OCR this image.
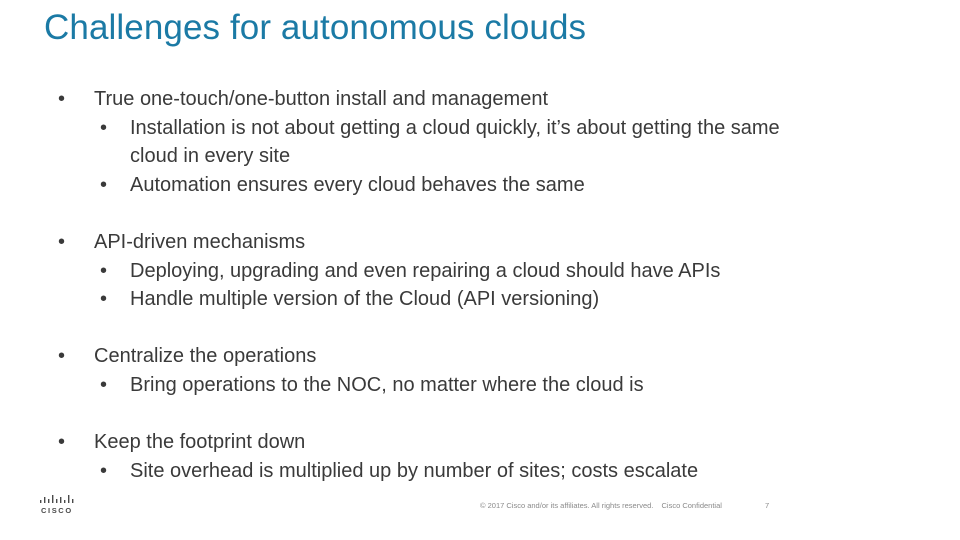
Challenges for autonomous clouds

• True one-touch/one-button install and management

• Installation is not about getting a cloud quickly, it’s about getting the same

cloud in every site

• Automation ensures every cloud behaves the same

• API-driven mechanisms

• Deploying, upgrading and even repairing a cloud should have APIs

• Handle multiple version of the Cloud (API versioning)

• Centralize the operations

• Bring operations to the NOC, no matter where the cloud is

• Keep the footprint down

• Site overhead is multiplied up by number of sites; costs escalate

CISCO
© 2017 Cisco and/or its affiliates. All rights reserved. Cisco Confidential	7
